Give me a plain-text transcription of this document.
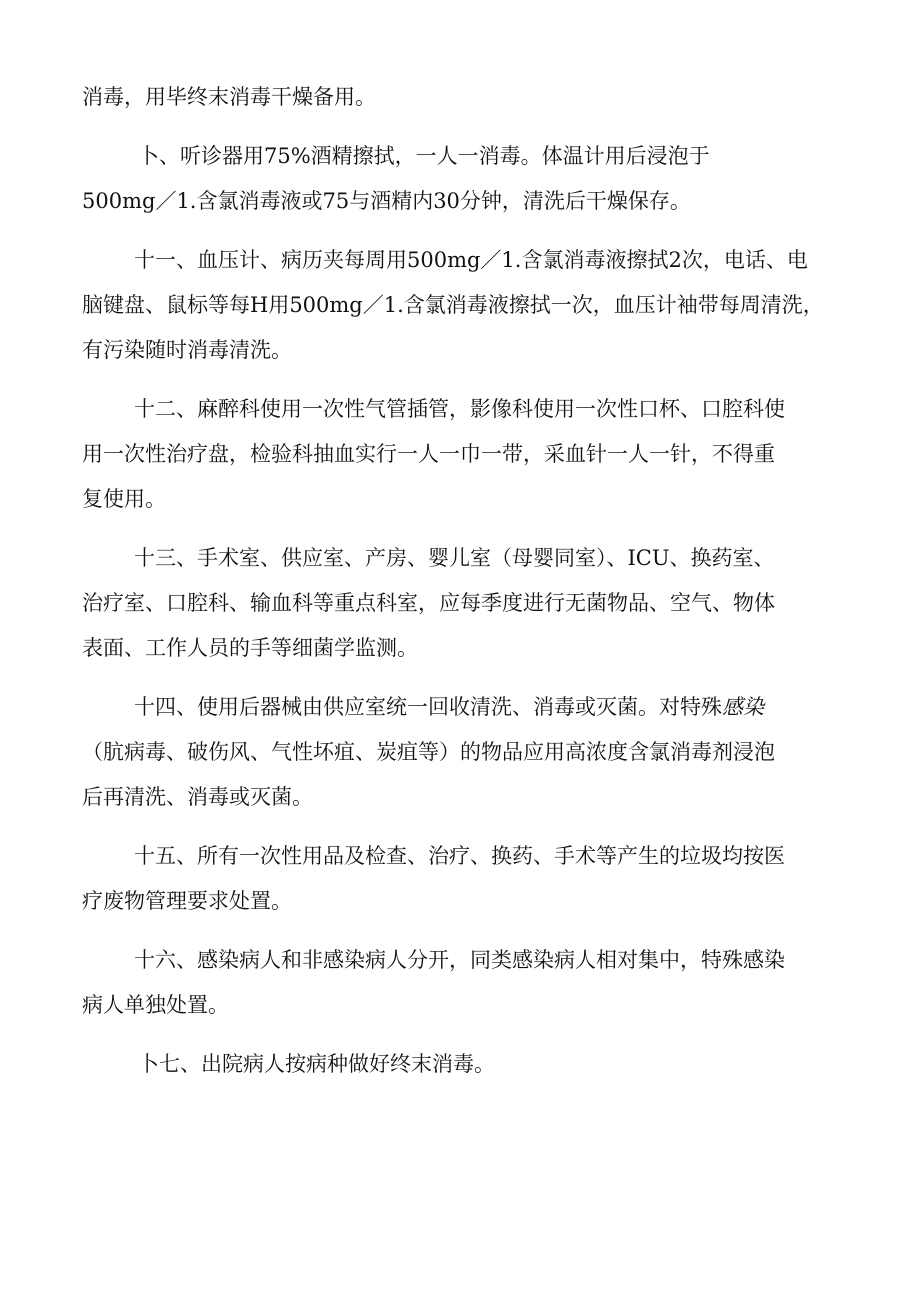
消毒，用毕终末消毒干燥备用。

卜、听诊器用75%酒精擦拭，一人一消毒。体温计用后浸泡于
500mg／1.含氯消毒液或75与酒精内30分钟，清洗后干燥保存。

十一、血压计、病历夹每周用500mg／1.含氯消毒液擦拭2次，电话、电
脑键盘、鼠标等每H用500mg／1.含氯消毒液擦拭一次，血压计袖带每周清洗，
有污染随时消毒清洗。

十二、麻醉科使用一次性气管插管，影像科使用一次性口杯、口腔科使
用一次性治疗盘，检验科抽血实行一人一巾一带，采血针一人一针，不得重
复使用。

十三、手术室、供应室、产房、婴儿室（母婴同室）、ICU、换药室、
治疗室、口腔科、输血科等重点科室，应每季度进行无菌物品、空气、物体
表面、工作人员的手等细菌学监测。

十四、使用后器械由供应室统一回收清洗、消毒或灭菌。对特殊感染
（肮病毒、破伤风、气性坏疽、炭疽等）的物品应用高浓度含氯消毒剂浸泡
后再清洗、消毒或灭菌。

十五、所有一次性用品及检查、治疗、换药、手术等产生的垃圾均按医
疗废物管理要求处置。

十六、感染病人和非感染病人分开，同类感染病人相对集中，特殊感染
病人单独处置。

卜七、出院病人按病种做好终末消毒。
